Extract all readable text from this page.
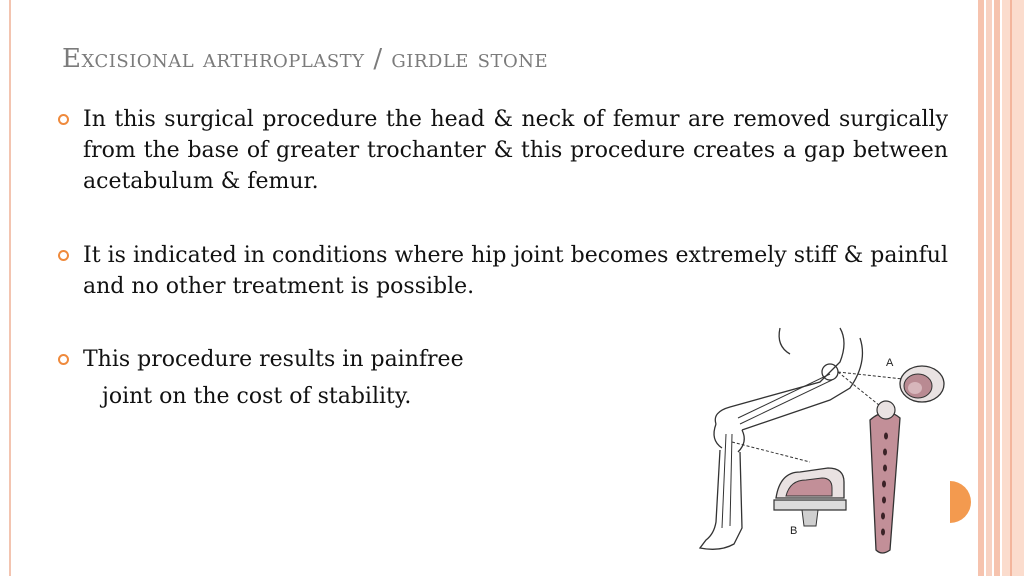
Excisional arthroplasty / girdle stone
In this surgical procedure the head & neck of femur are removed surgically from the base of greater trochanter & this procedure creates a gap between acetabulum & femur.
It is indicated in conditions where hip joint becomes extremely stiff & painful and no other treatment is possible.
This procedure results in painfree
joint on the cost of stability.
A
B
